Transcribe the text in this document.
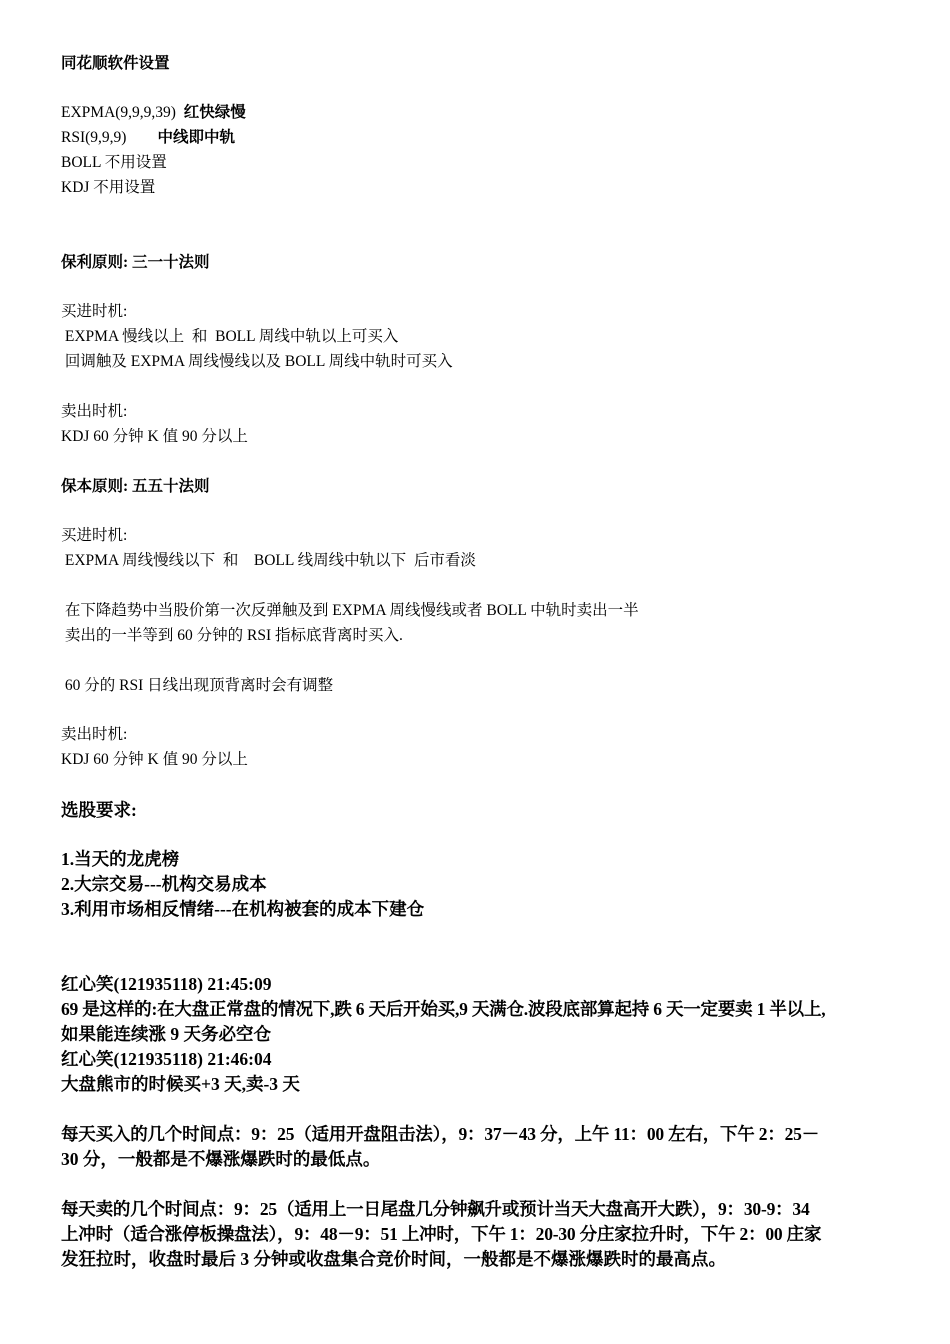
同花顺软件设置
EXPMA(9,9,9,39)  红快绿慢
RSI(9,9,9)        中线即中轨
BOLL 不用设置
KDJ 不用设置
保利原则: 三一十法则
买进时机:
EXPMA 慢线以上  和  BOLL 周线中轨以上可买入
回调触及 EXPMA 周线慢线以及 BOLL 周线中轨时可买入
卖出时机:
KDJ 60 分钟 K 值 90 分以上
保本原则: 五五十法则
买进时机:
EXPMA 周线慢线以下  和    BOLL 线周线中轨以下  后市看淡
在下降趋势中当股价第一次反弹触及到 EXPMA 周线慢线或者 BOLL 中轨时卖出一半
卖出的一半等到 60 分钟的 RSI 指标底背离时买入.
60 分的 RSI 日线出现顶背离时会有调整
卖出时机:
KDJ 60 分钟 K 值 90 分以上
选股要求:
1.当天的龙虎榜
2.大宗交易---机构交易成本
3.利用市场相反情绪---在机构被套的成本下建仓
红心笑(121935118) 21:45:09
69 是这样的:在大盘正常盘的情况下,跌 6 天后开始买,9 天满仓.波段底部算起持 6 天一定要卖 1 半以上,
如果能连续涨 9 天务必空仓
红心笑(121935118) 21:46:04
大盘熊市的时候买+3 天,卖-3 天
每天买入的几个时间点：9：25（适用开盘阻击法），9：37－43 分，上午 11：00 左右，下午 2：25－
30 分，一般都是不爆涨爆跌时的最低点。
每天卖的几个时间点：9：25（适用上一日尾盘几分钟飙升或预计当天大盘高开大跌），9：30-9：34
上冲时（适合涨停板操盘法），9：48－9：51 上冲时，下午 1：20-30 分庄家拉升时，下午 2：00 庄家
发狂拉时，收盘时最后 3 分钟或收盘集合竞价时间，一般都是不爆涨爆跌时的最高点。
